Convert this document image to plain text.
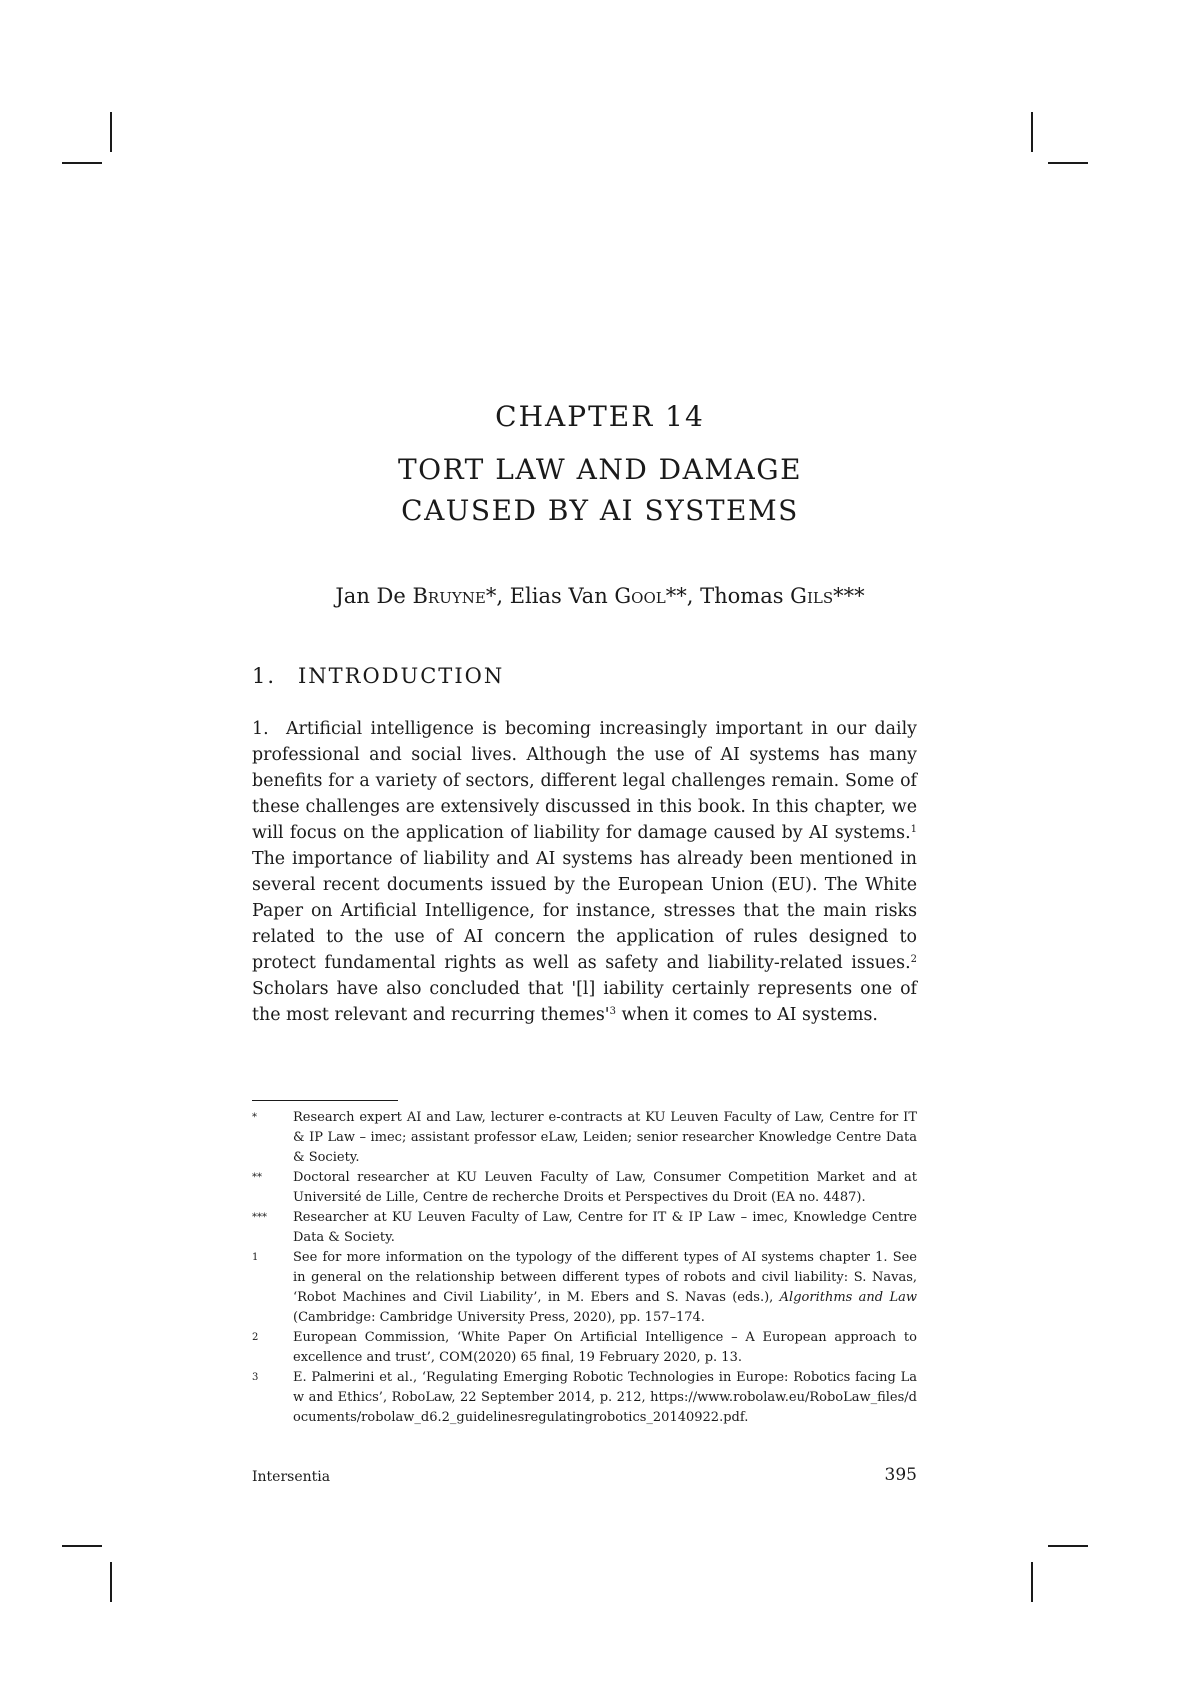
CHAPTER 14
TORT LAW AND DAMAGE
CAUSED BY AI SYSTEMS
Jan De Bruyne*, Elias Van Gool**, Thomas Gils***
1. INTRODUCTION

1. Artificial intelligence is becoming increasingly important in our daily professional and social lives. Although the use of AI systems has many benefits for a variety of sectors, different legal challenges remain. Some of these challenges are extensively discussed in this book. In this chapter, we will focus on the application of liability for damage caused by AI systems.$^1$ The importance of liability and AI systems has already been mentioned in several recent documents issued by the European Union (EU). The White Paper on Artificial Intelligence, for instance, stresses that the main risks related to the use of AI concern the application of rules designed to protect fundamental rights as well as safety and liability-related issues.$^2$ Scholars have also concluded that '[l] iability certainly represents one of the most relevant and recurring $themes'^3$ when it comes to AI systems.

*	Research expert AI and Law, lecturer e-contracts at KU Leuven Faculty of Law, Centre for IT & IP Law – imec; assistant professor eLaw, Leiden; senior researcher Knowledge Centre Data & Society.
** Doctoral researcher at KU Leuven Faculty of Law, Consumer Competition Market and at Université de Lille, Centre de recherche Droits et Perspectives du Droit (EA no. 4487).
*** Researcher at KU Leuven Faculty of Law, Centre for IT & IP Law – imec, Knowledge Centre Data & Society.
1	See for more information on the typology of the different types of AI systems chapter 1. See in general on the relationship between different types of robots and civil liability: S. Navas, ‘Robot Machines and Civil Liability’, in M. Ebers and S. Navas (eds.), Algorithms and Law (Cambridge: Cambridge University Press, 2020), pp. 157–174.
2	European Commission, ‘White Paper On Artificial Intelligence – A European approach to excellence and trust’, COM(2020) 65 final, 19 February 2020, p. 13.
3	E. Palmerini et al., ‘Regulating Emerging Robotic Technologies in Europe: Robotics facing Law and Ethics’, RoboLaw, 22 September 2014, p. 212, https://www.robolaw.eu/RoboLaw_files/documents/robolaw_d6.2_guidelinesregulatingrobotics_20140922.pdf.
Intersentia	395
